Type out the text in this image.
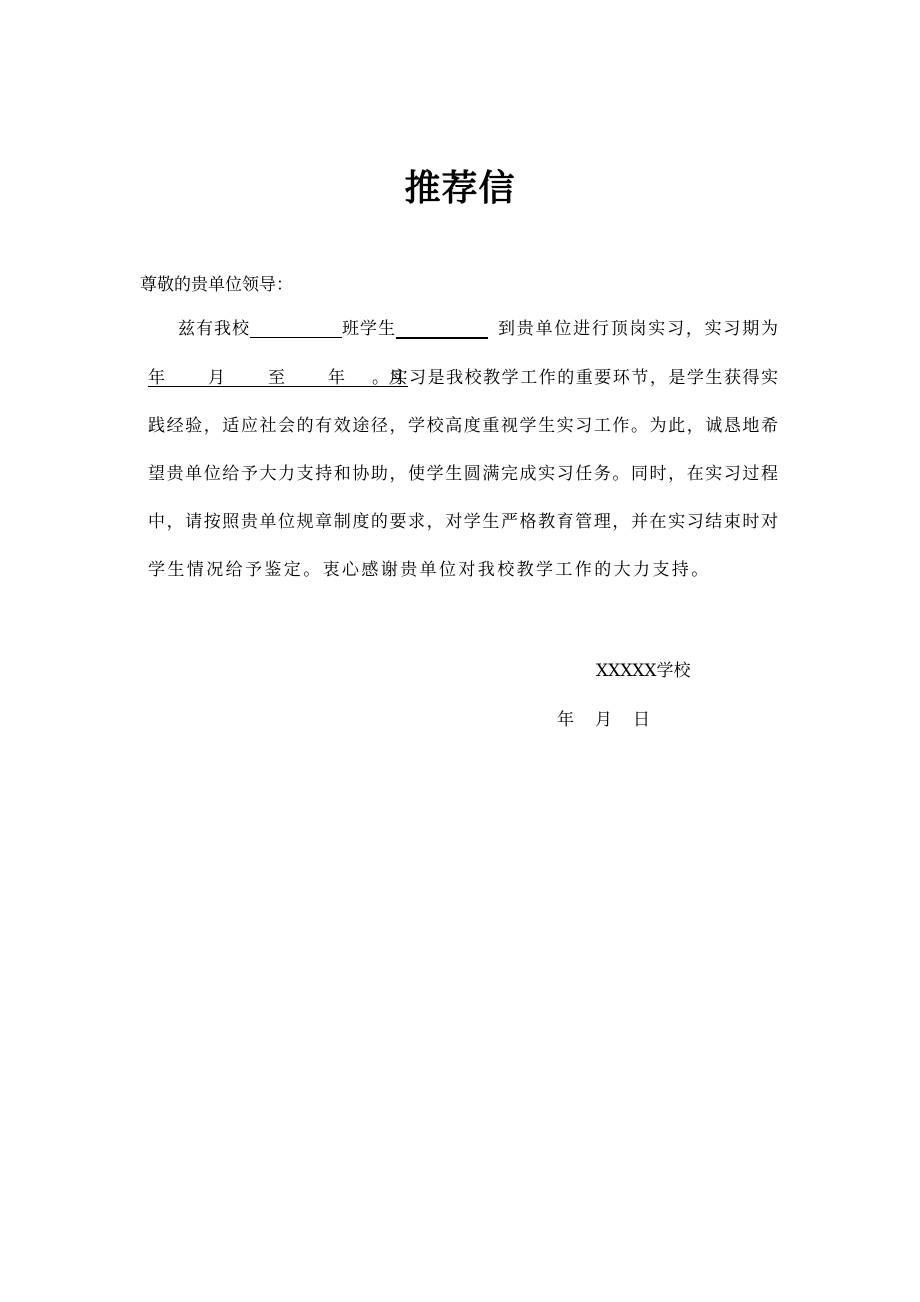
推荐信
尊敬的贵单位领导：
兹有我校	班学生	到贵单位进行顶岗实习，实习期为
年　　月　　至　　年　　月
。实习是我校教学工作的重要环节，是学生获得实
践经验，适应社会的有效途径，学校高度重视学生实习工作。为此，诚恳地希
望贵单位给予大力支持和协助，使学生圆满完成实习任务。同时，在实习过程
中，请按照贵单位规章制度的要求，对学生严格教育管理，并在实习结束时对
学生情况给予鉴定。衷心感谢贵单位对我校教学工作的大力支持。
XXXXX学校
年　月　日
